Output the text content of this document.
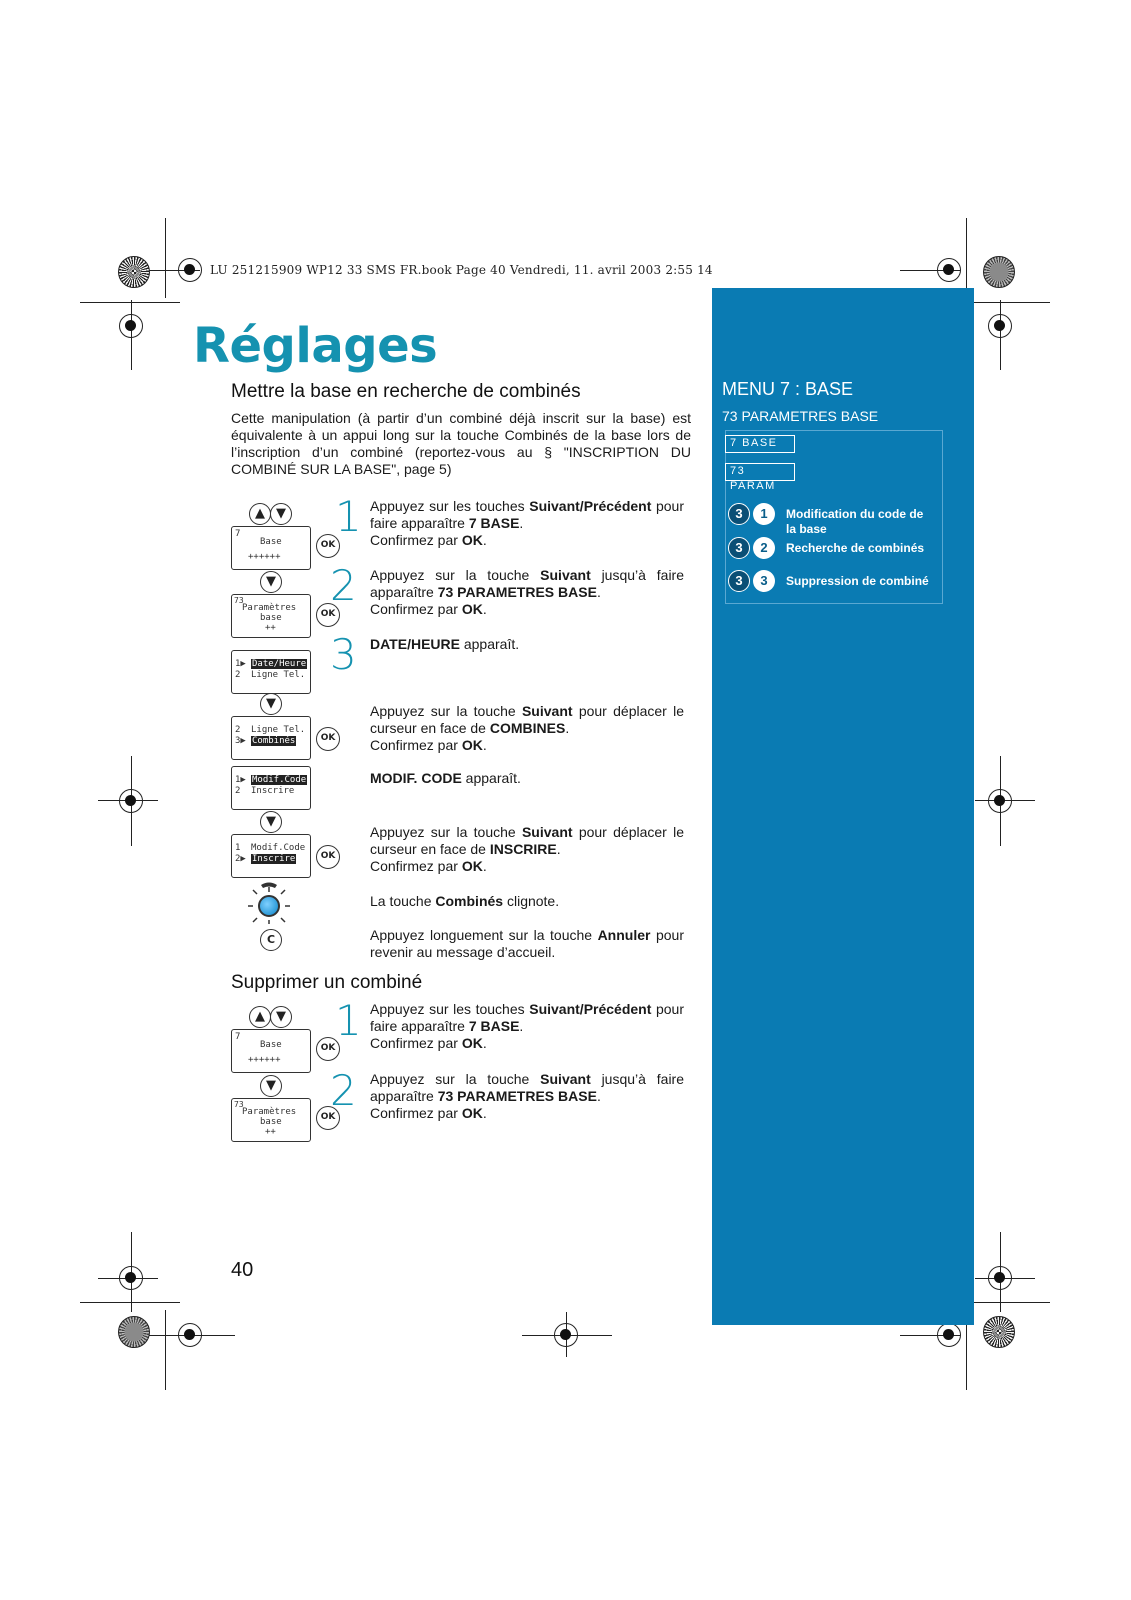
LU 251215909 WP12 33 SMS FR.book Page 40 Vendredi, 11. avril 2003 2:55 14
Réglages
MENU 7 : BASE
73 PARAMETRES BASE
7 BASE
73 PARAM
3	1	Modification du code de la base
3	2	Recherche de combinés
3	3	Suppression de combiné
Mettre la base en recherche de combinés
Cette manipulation (à partir d’un combiné déjà inscrit sur la base) est équivalente à un appui long sur la touche Combinés de la base lors de l’inscription d’un combiné (reportez-vous au § "INSCRIPTION DU COMBINÉ SUR LA BASE", page 5)
▲ ▼
7
Base
++++++
OK
1 Appuyez sur les touches Suivant/Précédent pour faire apparaître 7 BASE.
Confirmez par OK.
▼
73
Paramètres
base
++
OK
2 Appuyez sur la touche Suivant jusqu’à faire apparaître 73 PARAMETRES BASE.
Confirmez par OK.
1▶ Date/Heure
2 Ligne Tel. 3 DATE/HEURE apparaît.
▼
2 Ligne Tel.
3▶ Combinés	OK
Appuyez sur la touche Suivant pour déplacer le curseur en face de COMBINES.
Confirmez par OK.
1▶ Modif.Code
2 Inscrire
MODIF. CODE apparaît.
▼
1 Modif.Code
2▶ Inscrire	OK
Appuyez sur la touche Suivant pour déplacer le curseur en face de INSCRIRE.
Confirmez par OK.
La touche Combinés clignote.
C	Appuyez longuement sur la touche Annuler pour revenir au message d’accueil.
Supprimer un combiné
▲ ▼
7
Base
++++++
OK
1 Appuyez sur les touches Suivant/Précédent pour faire apparaître 7 BASE.
Confirmez par OK.
▼
73
Paramètres
base
++
OK
2 Appuyez sur la touche Suivant jusqu’à faire apparaître 73 PARAMETRES BASE.
Confirmez par OK.
40
